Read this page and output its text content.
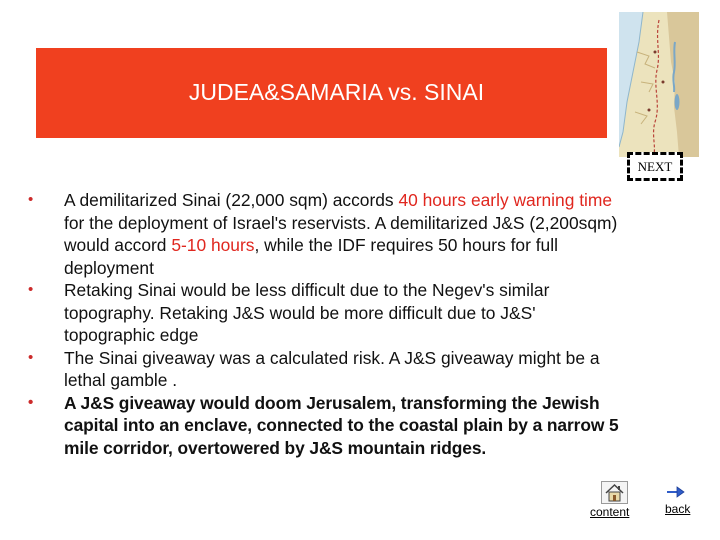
JUDEA&SAMARIA vs. SINAI
NEXT
• A demilitarized Sinai (22,000 sqm) accords 40 hours early warning time for the deployment of Israel's reservists. A demilitarized J&S (2,200sqm) would accord 5-10 hours, while the IDF requires 50 hours for full deployment
• Retaking Sinai would be less difficult due to the Negev's similar topography. Retaking J&S would be more difficult due to J&S' topographic edge
• The Sinai giveaway was a calculated risk. A J&S giveaway might be a lethal gamble .
• A J&S giveaway would doom Jerusalem, transforming the Jewish capital into an enclave, connected to the coastal plain by a narrow 5 mile corridor, overtowered by J&S mountain ridges.
content	back
